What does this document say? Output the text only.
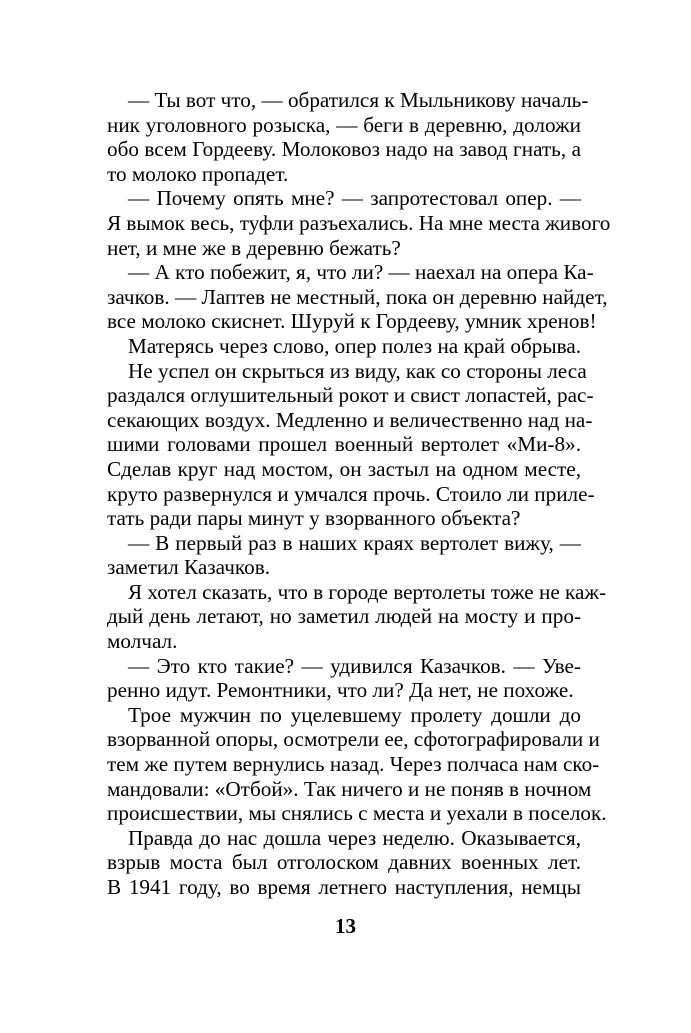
— Ты вот что, — обратился к Мыльникову началь-
ник уголовного розыска, — беги в деревню, доложи
обо всем Гордееву. Молоковоз надо на завод гнать, а
то молоко пропадет.
— Почему опять мне? — запротестовал опер. —
Я вымок весь, туфли разъехались. На мне места живого
нет, и мне же в деревню бежать?
— А кто побежит, я, что ли? — наехал на опера Ка-
зачков. — Лаптев не местный, пока он деревню найдет,
все молоко скиснет. Шуруй к Гордееву, умник хренов!
Матерясь через слово, опер полез на край обрыва.
Не успел он скрыться из виду, как со стороны леса
раздался оглушительный рокот и свист лопастей, рас-
секающих воздух. Медленно и величественно над на-
шими головами прошел военный вертолет «Ми-8».
Сделав круг над мостом, он застыл на одном месте,
круто развернулся и умчался прочь. Стоило ли приле-
тать ради пары минут у взорванного объекта?
— В первый раз в наших краях вертолет вижу, —
заметил Казачков.
Я хотел сказать, что в городе вертолеты тоже не каж-
дый день летают, но заметил людей на мосту и про-
молчал.
— Это кто такие? — удивился Казачков. — Уве-
ренно идут. Ремонтники, что ли? Да нет, не похоже.
Трое мужчин по уцелевшему пролету дошли до
взорванной опоры, осмотрели ее, сфотографировали и
тем же путем вернулись назад. Через полчаса нам ско-
мандовали: «Отбой». Так ничего и не поняв в ночном
происшествии, мы снялись с места и уехали в поселок.
Правда до нас дошла через неделю. Оказывается,
взрыв моста был отголоском давних военных лет.
В 1941 году, во время летнего наступления, немцы
13
